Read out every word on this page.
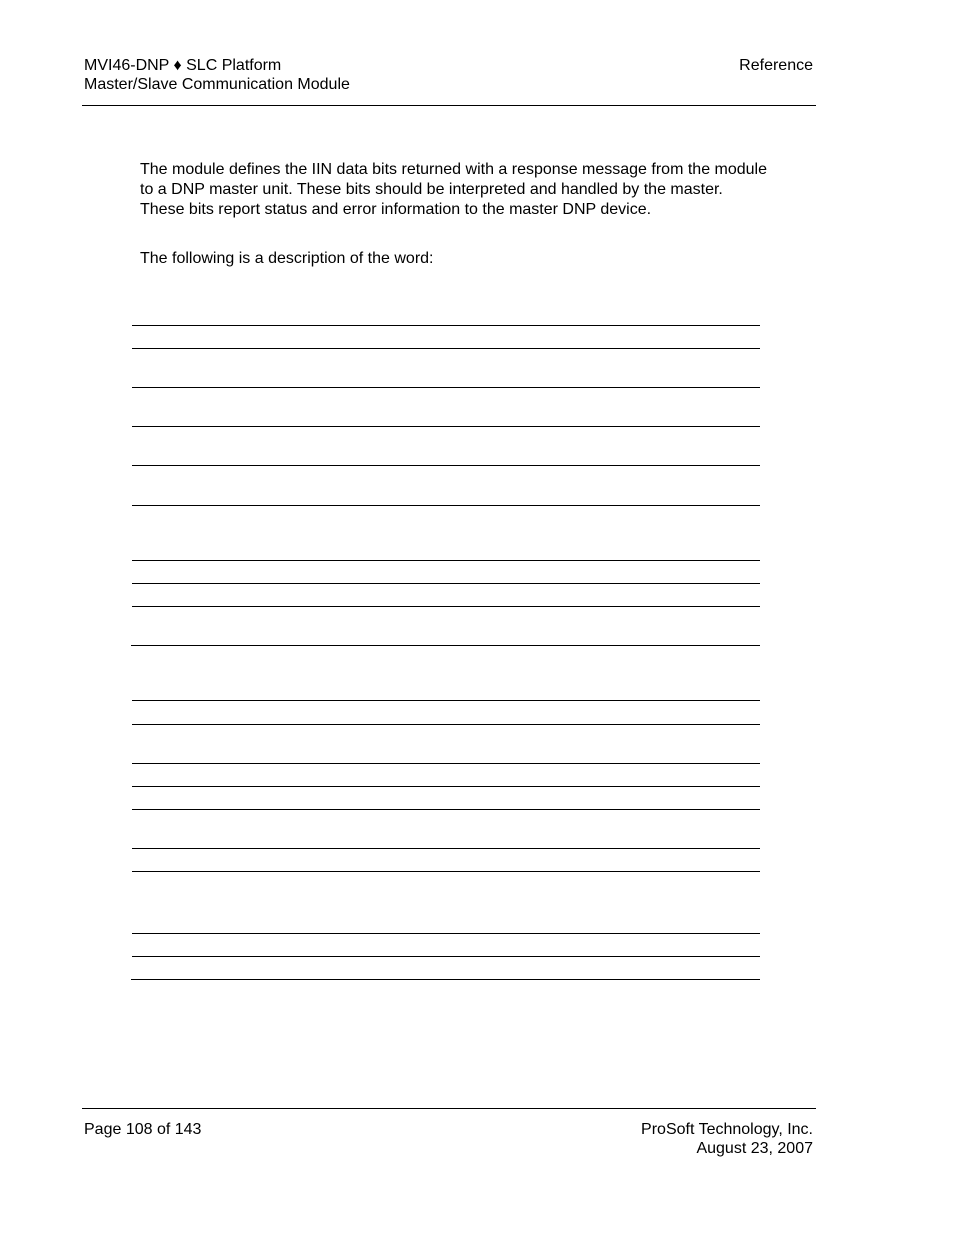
MVI46-DNP ♦ SLC Platform
Master/Slave Communication Module
Reference

The module defines the IIN data bits returned with a response message from the module to a DNP master unit. These bits should be interpreted and handled by the master. These bits report status and error information to the master DNP device.

The following is a description of the word:

Page 108 of 143	ProSoft Technology, Inc.
August 23, 2007
